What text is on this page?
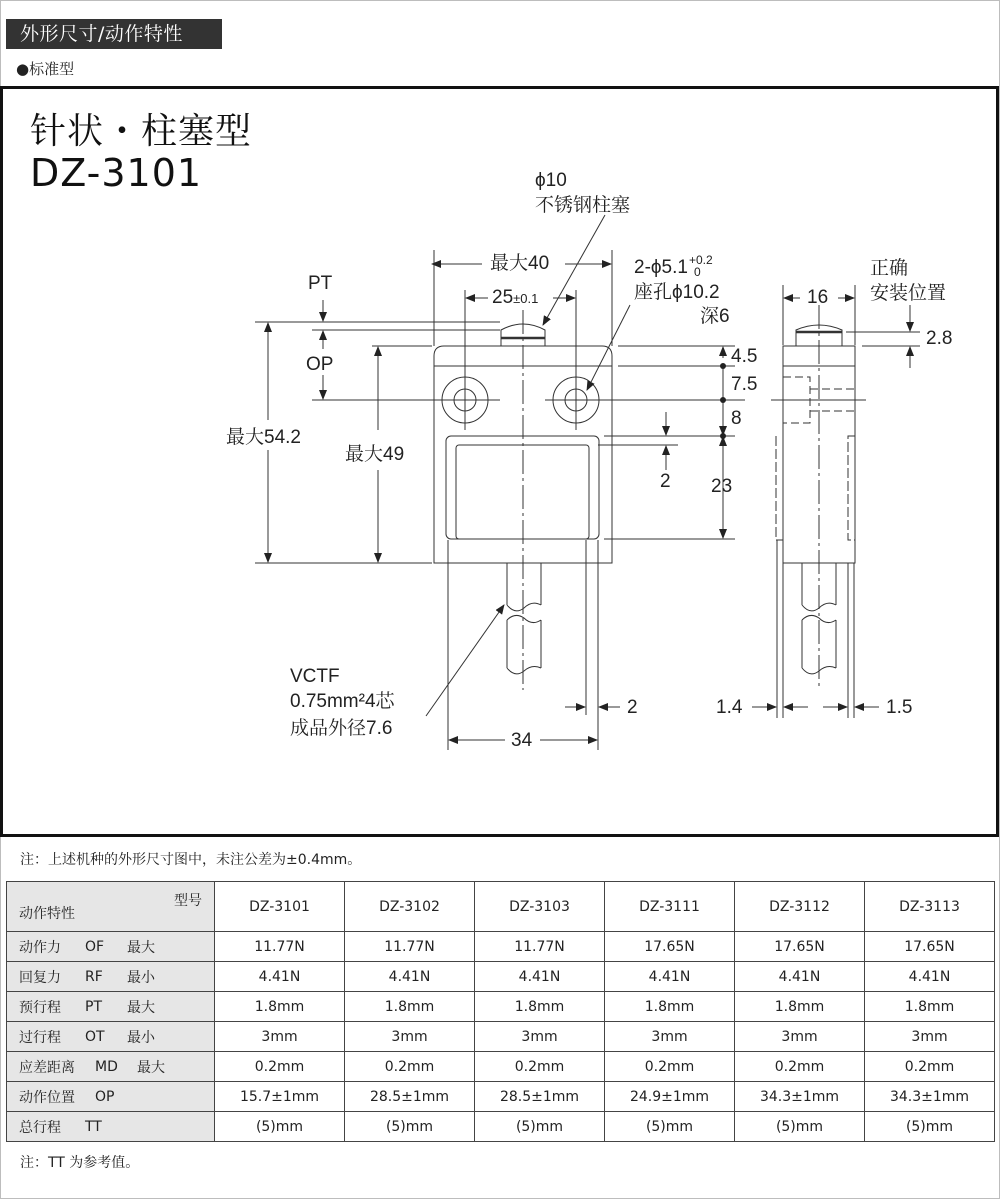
外形尺寸/动作特性
●标准型
针状・柱塞型
DZ-3101	ϕ10
不锈钢柱塞
最大40
25±0.1
2-ϕ5.1 +0.2
0
座孔ϕ10.2
深6
PT
OP
最大54.2
最大49
4.5
7.5
8
2 23
16
正确
安装位置
2.8
VCTF
0.75mm²4芯
成品外径7.6
2
34
1.4	1.5
注：上述机种的外形尺寸图中，未注公差为±0.4mm。
型号
动作特性	DZ-3101	DZ-3102	DZ-3103	DZ-3111	DZ-3112	DZ-3113

动作力 OF 最大	11.77N	11.77N	11.77N	17.65N	17.65N	17.65N

回复力 RF 最小	4.41N	4.41N	4.41N	4.41N	4.41N	4.41N

预行程 PT 最大	1.8mm	1.8mm	1.8mm	1.8mm	1.8mm	1.8mm

过行程 OT 最小	3mm	3mm	3mm	3mm	3mm	3mm

应差距离 MD 最大	0.2mm	0.2mm	0.2mm	0.2mm	0.2mm	0.2mm

动作位置 OP	15.7±1mm	28.5±1mm	28.5±1mm	24.9±1mm	34.3±1mm	34.3±1mm

总行程 TT	(5)mm	(5)mm	(5)mm	(5)mm	(5)mm	(5)mm
注：TT 为参考值。
